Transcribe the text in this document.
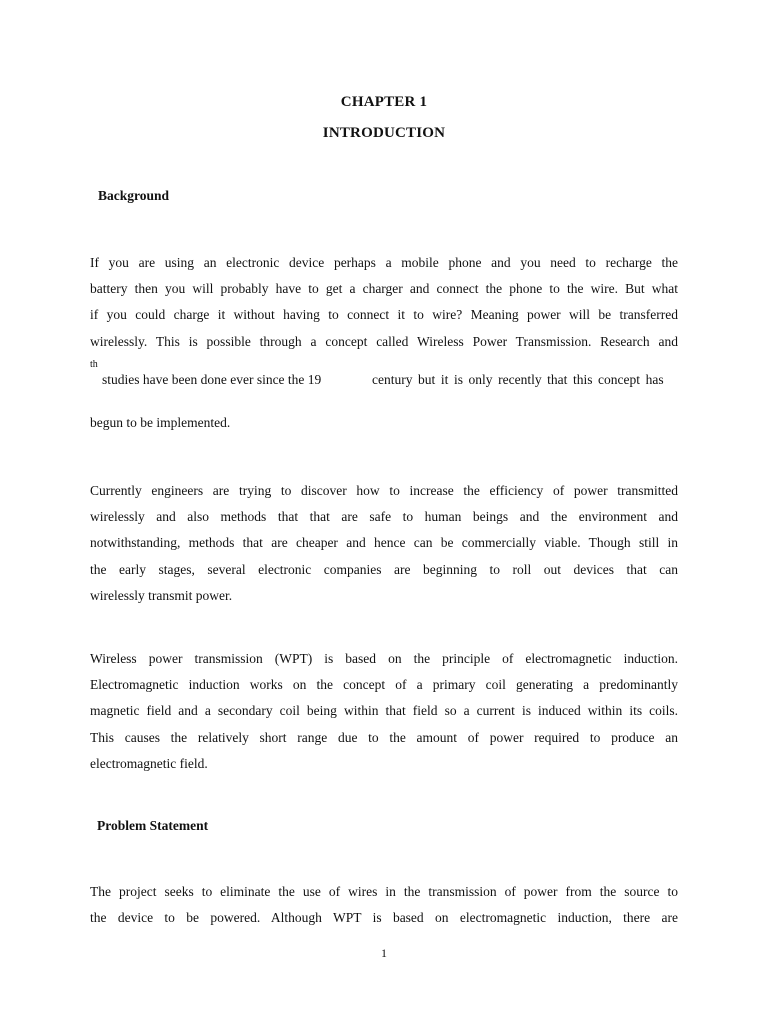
CHAPTER 1
INTRODUCTION
Background
If you are using an electronic device perhaps a mobile phone and you need to recharge the
battery then you will probably have to get a charger and connect the phone to the wire. But what
if you could charge it without having to connect it to wire? Meaning power will be transferred
wirelessly. This is possible through a concept called Wireless Power Transmission. Research and
th
studies have been done ever since the 19	century but it is only recently that this concept has
begun to be implemented.
Currently engineers are trying to discover how to increase the efficiency of power transmitted
wirelessly and also methods that that are safe to human beings and the environment and
notwithstanding, methods that are cheaper and hence can be commercially viable. Though still in
the early stages, several electronic companies are beginning to roll out devices that can
wirelessly transmit power.
Wireless power transmission (WPT) is based on the principle of electromagnetic induction.
Electromagnetic induction works on the concept of a primary coil generating a predominantly
magnetic field and a secondary coil being within that field so a current is induced within its coils.
This causes the relatively short range due to the amount of power required to produce an
electromagnetic field.
Problem Statement
The project seeks to eliminate the use of wires in the transmission of power from the source to
the device to be powered. Although WPT is based on electromagnetic induction, there are
1
